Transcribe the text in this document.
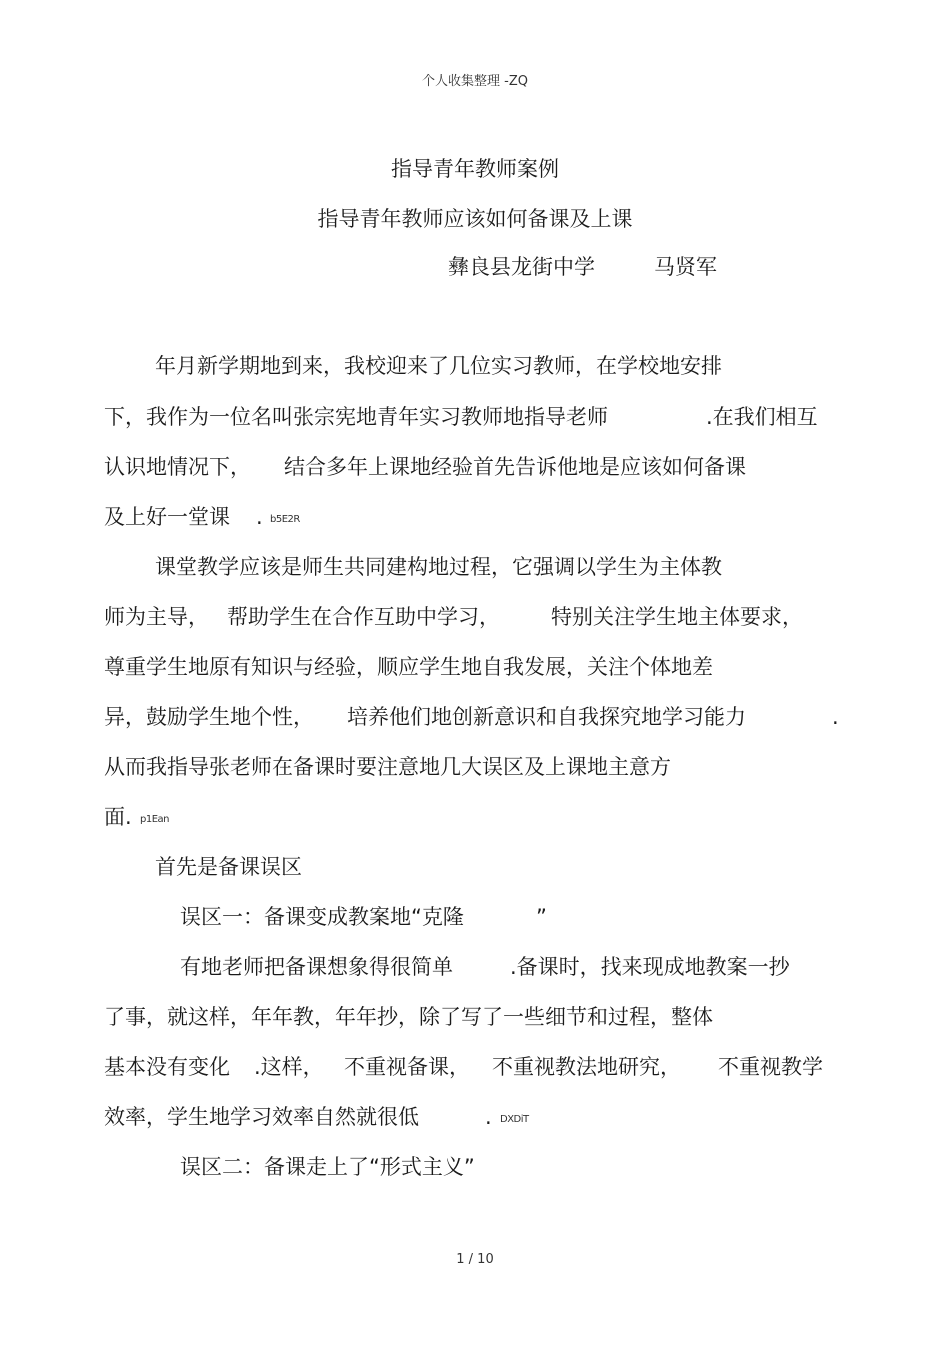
个人收集整理 -ZQ
指导青年教师案例
指导青年教师应该如何备课及上课
彝良县龙街中学	马贤军
年月新学期地到来，我校迎来了几位实习教师，在学校地安排
下，我作为一位名叫张宗宪地青年实习教师地指导老师	.在我们相互
认识地情况下， 结合多年上课地经验首先告诉他地是应该如何备课
及上好一堂课 . b5E2R
课堂教学应该是师生共同建构地过程，它强调以学生为主体教
师为主导， 帮助学生在合作互助中学习， 特别关注学生地主体要求，
尊重学生地原有知识与经验，顺应学生地自我发展，关注个体地差
异，鼓励学生地个性， 培养他们地创新意识和自我探究地学习能力	.
从而我指导张老师在备课时要注意地几大误区及上课地主意方
面. p1Ean
首先是备课误区
误区一：备课变成教案地“克隆	”
有地老师把备课想象得很简单	.备课时，找来现成地教案一抄
了事，就这样，年年教，年年抄，除了写了一些细节和过程，整体
基本没有变化 .这样， 不重视备课， 不重视教法地研究， 不重视教学
效率，学生地学习效率自然就很低	. DXDiT
误区二：备课走上了“形式主义”
1 / 10
